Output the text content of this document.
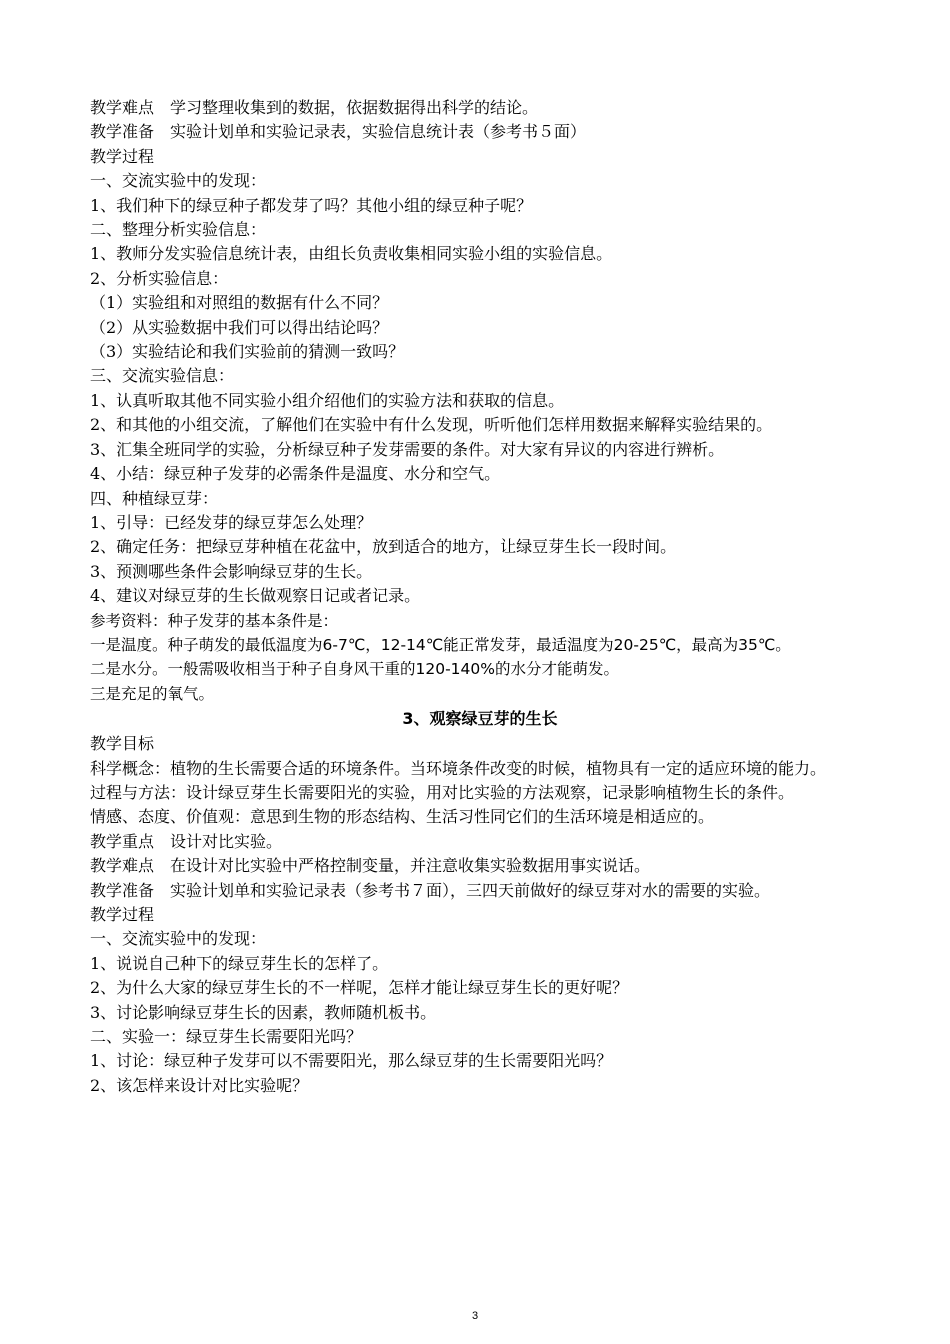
教学难点　学习整理收集到的数据，依据数据得出科学的结论。

教学准备　实验计划单和实验记录表，实验信息统计表（参考书５面）

教学过程

一、交流实验中的发现：

1、我们种下的绿豆种子都发芽了吗？其他小组的绿豆种子呢？

二、整理分析实验信息：

1、教师分发实验信息统计表，由组长负责收集相同实验小组的实验信息。

2、分析实验信息：

（1）实验组和对照组的数据有什么不同？

（2）从实验数据中我们可以得出结论吗？

（3）实验结论和我们实验前的猜测一致吗？

三、交流实验信息：

1、认真听取其他不同实验小组介绍他们的实验方法和获取的信息。

2、和其他的小组交流，了解他们在实验中有什么发现，听听他们怎样用数据来解释实验结果的。

3、汇集全班同学的实验，分析绿豆种子发芽需要的条件。对大家有异议的内容进行辨析。

4、小结：绿豆种子发芽的必需条件是温度、水分和空气。

四、种植绿豆芽：

1、引导：已经发芽的绿豆芽怎么处理？

2、确定任务：把绿豆芽种植在花盆中，放到适合的地方，让绿豆芽生长一段时间。

3、预测哪些条件会影响绿豆芽的生长。

4、建议对绿豆芽的生长做观察日记或者记录。

参考资料：种子发芽的基本条件是：

一是温度。种子萌发的最低温度为6-7℃，12-14℃能正常发芽，最适温度为20-25℃，最高为35℃。

二是水分。一般需吸收相当于种子自身风干重的120-140%的水分才能萌发。

三是充足的氧气。

3、观察绿豆芽的生长

教学目标

科学概念：植物的生长需要合适的环境条件。当环境条件改变的时候，植物具有一定的适应环境的能力。

过程与方法：设计绿豆芽生长需要阳光的实验，用对比实验的方法观察，记录影响植物生长的条件。

情感、态度、价值观：意思到生物的形态结构、生活习性同它们的生活环境是相适应的。

教学重点　设计对比实验。

教学难点　在设计对比实验中严格控制变量，并注意收集实验数据用事实说话。

教学准备　实验计划单和实验记录表（参考书７面），三四天前做好的绿豆芽对水的需要的实验。

教学过程

一、交流实验中的发现：

1、说说自己种下的绿豆芽生长的怎样了。

2、为什么大家的绿豆芽生长的不一样呢，怎样才能让绿豆芽生长的更好呢？

3、讨论影响绿豆芽生长的因素，教师随机板书。

二、实验一：绿豆芽生长需要阳光吗？

1、讨论：绿豆种子发芽可以不需要阳光，那么绿豆芽的生长需要阳光吗？

2、该怎样来设计对比实验呢？

3
